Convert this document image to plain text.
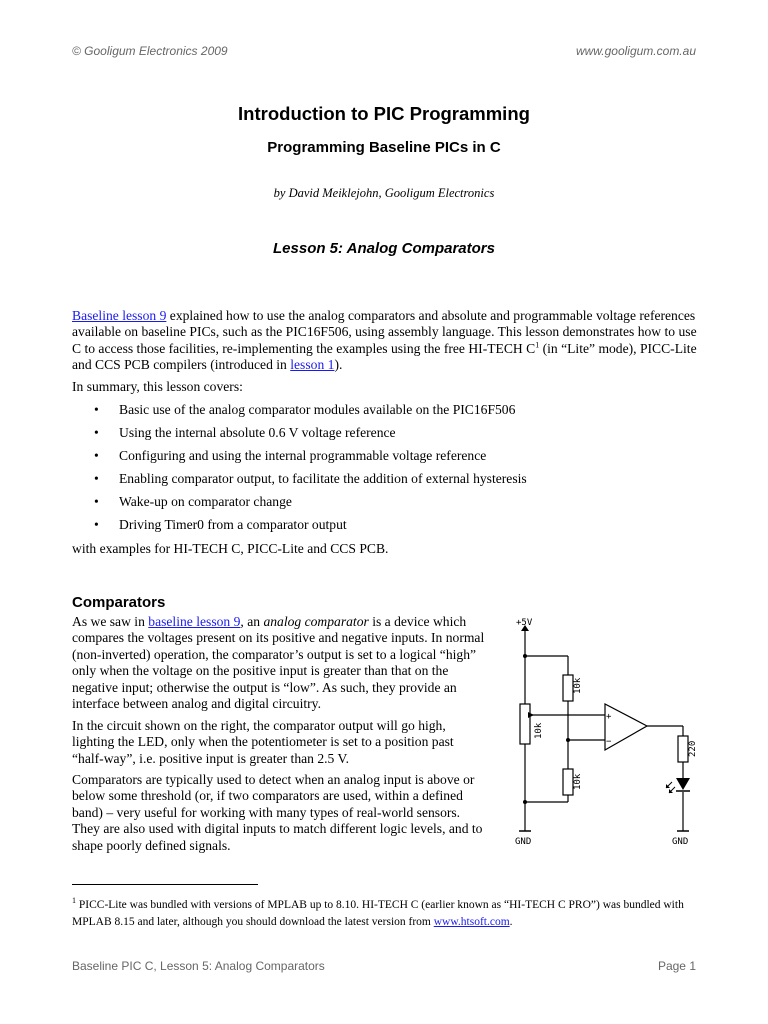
© Gooligum Electronics 2009	www.gooligum.com.au
Introduction to PIC Programming
Programming Baseline PICs in C
by David Meiklejohn, Gooligum Electronics
Lesson 5: Analog Comparators
Baseline lesson 9 explained how to use the analog comparators and absolute and programmable voltage references available on baseline PICs, such as the PIC16F506, using assembly language. This lesson demonstrates how to use C to access those facilities, re-implementing the examples using the free HI-TECH $C^1$ (in “Lite” mode), PICC-Lite and CCS PCB compilers (introduced in lesson 1).
In summary, this lesson covers:
• Basic use of the analog comparator modules available on the PIC16F506
• Using the internal absolute 0.6 V voltage reference
• Configuring and using the internal programmable voltage reference
• Enabling comparator output, to facilitate the addition of external hysteresis
• Wake-up on comparator change
• Driving Timer0 from a comparator output
with examples for HI-TECH C, PICC-Lite and CCS PCB.
Comparators
As we saw in baseline lesson 9, an analog comparator is a device which compares the voltages present on its positive and negative inputs. In normal (non-inverted) operation, the comparator’s output is set to a logical “high” only when the voltage on the positive input is greater than that on the negative input; otherwise the output is “low”. As such, they provide an interface between analog and digital circuitry.
In the circuit shown on the right, the comparator output will go high, lighting the LED, only when the potentiometer is set to a position past “half-way”, i.e. positive input is greater than 2.5 V.
Comparators are typically used to detect when an analog input is above or below some threshold (or, if two comparators are used, within a defined band) – very useful for working with many types of real-world sensors. They are also used with digital inputs to match different logic levels, and to shape poorly defined signals.
+5V
10k
10k
10k
220
+
−
GND	GND
$^1$ PICC-Lite was bundled with versions of MPLAB up to 8.10. HI-TECH C (earlier known as “HI-TECH C PRO”) was bundled with MPLAB 8.15 and later, although you should download the latest version from www.htsoft.com.
Baseline PIC C, Lesson 5: Analog Comparators	Page 1
